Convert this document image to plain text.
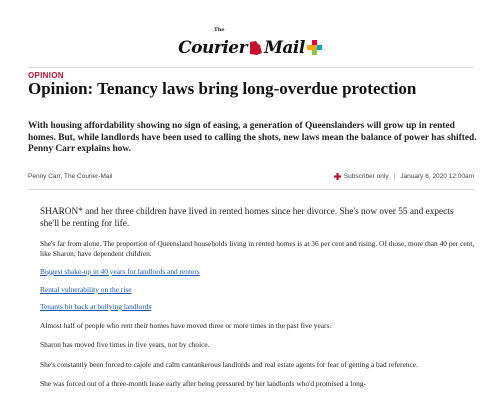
The
Courier Mail
OPINION
Opinion: Tenancy laws bring long-overdue protection

With housing affordability showing no sign of easing, a generation of Queenslanders will grow up in rented homes. But, while landlords have been used to calling the shots, new laws mean the balance of power has shifted. Penny Carr explains how.

Penny Carr, The Courier-Mail	Subscriber only | January 6, 2020 12:00am

SHARON* and her three children have lived in rented homes since her divorce. She's now over 55 and expects she'll be renting for life.

She's far from alone. The proportion of Queensland households living in rented homes is at 36 per cent and rising. Of those, more than 40 per cent, like Sharon, have dependent children.

Biggest shake-up in 40 years for landlords and renters
Rental vulnerability on the rise
Tenants hit back at bullying landlords

Almost half of people who rent their homes have moved three or more times in the past five years.

Sharon has moved five times in five years, not by choice.

She's constantly been forced to cajole and calm cantankerous landlords and real estate agents for fear of getting a bad reference.

She was forced out of a three-month lease early after being pressured by her landlords who'd promised a long-
